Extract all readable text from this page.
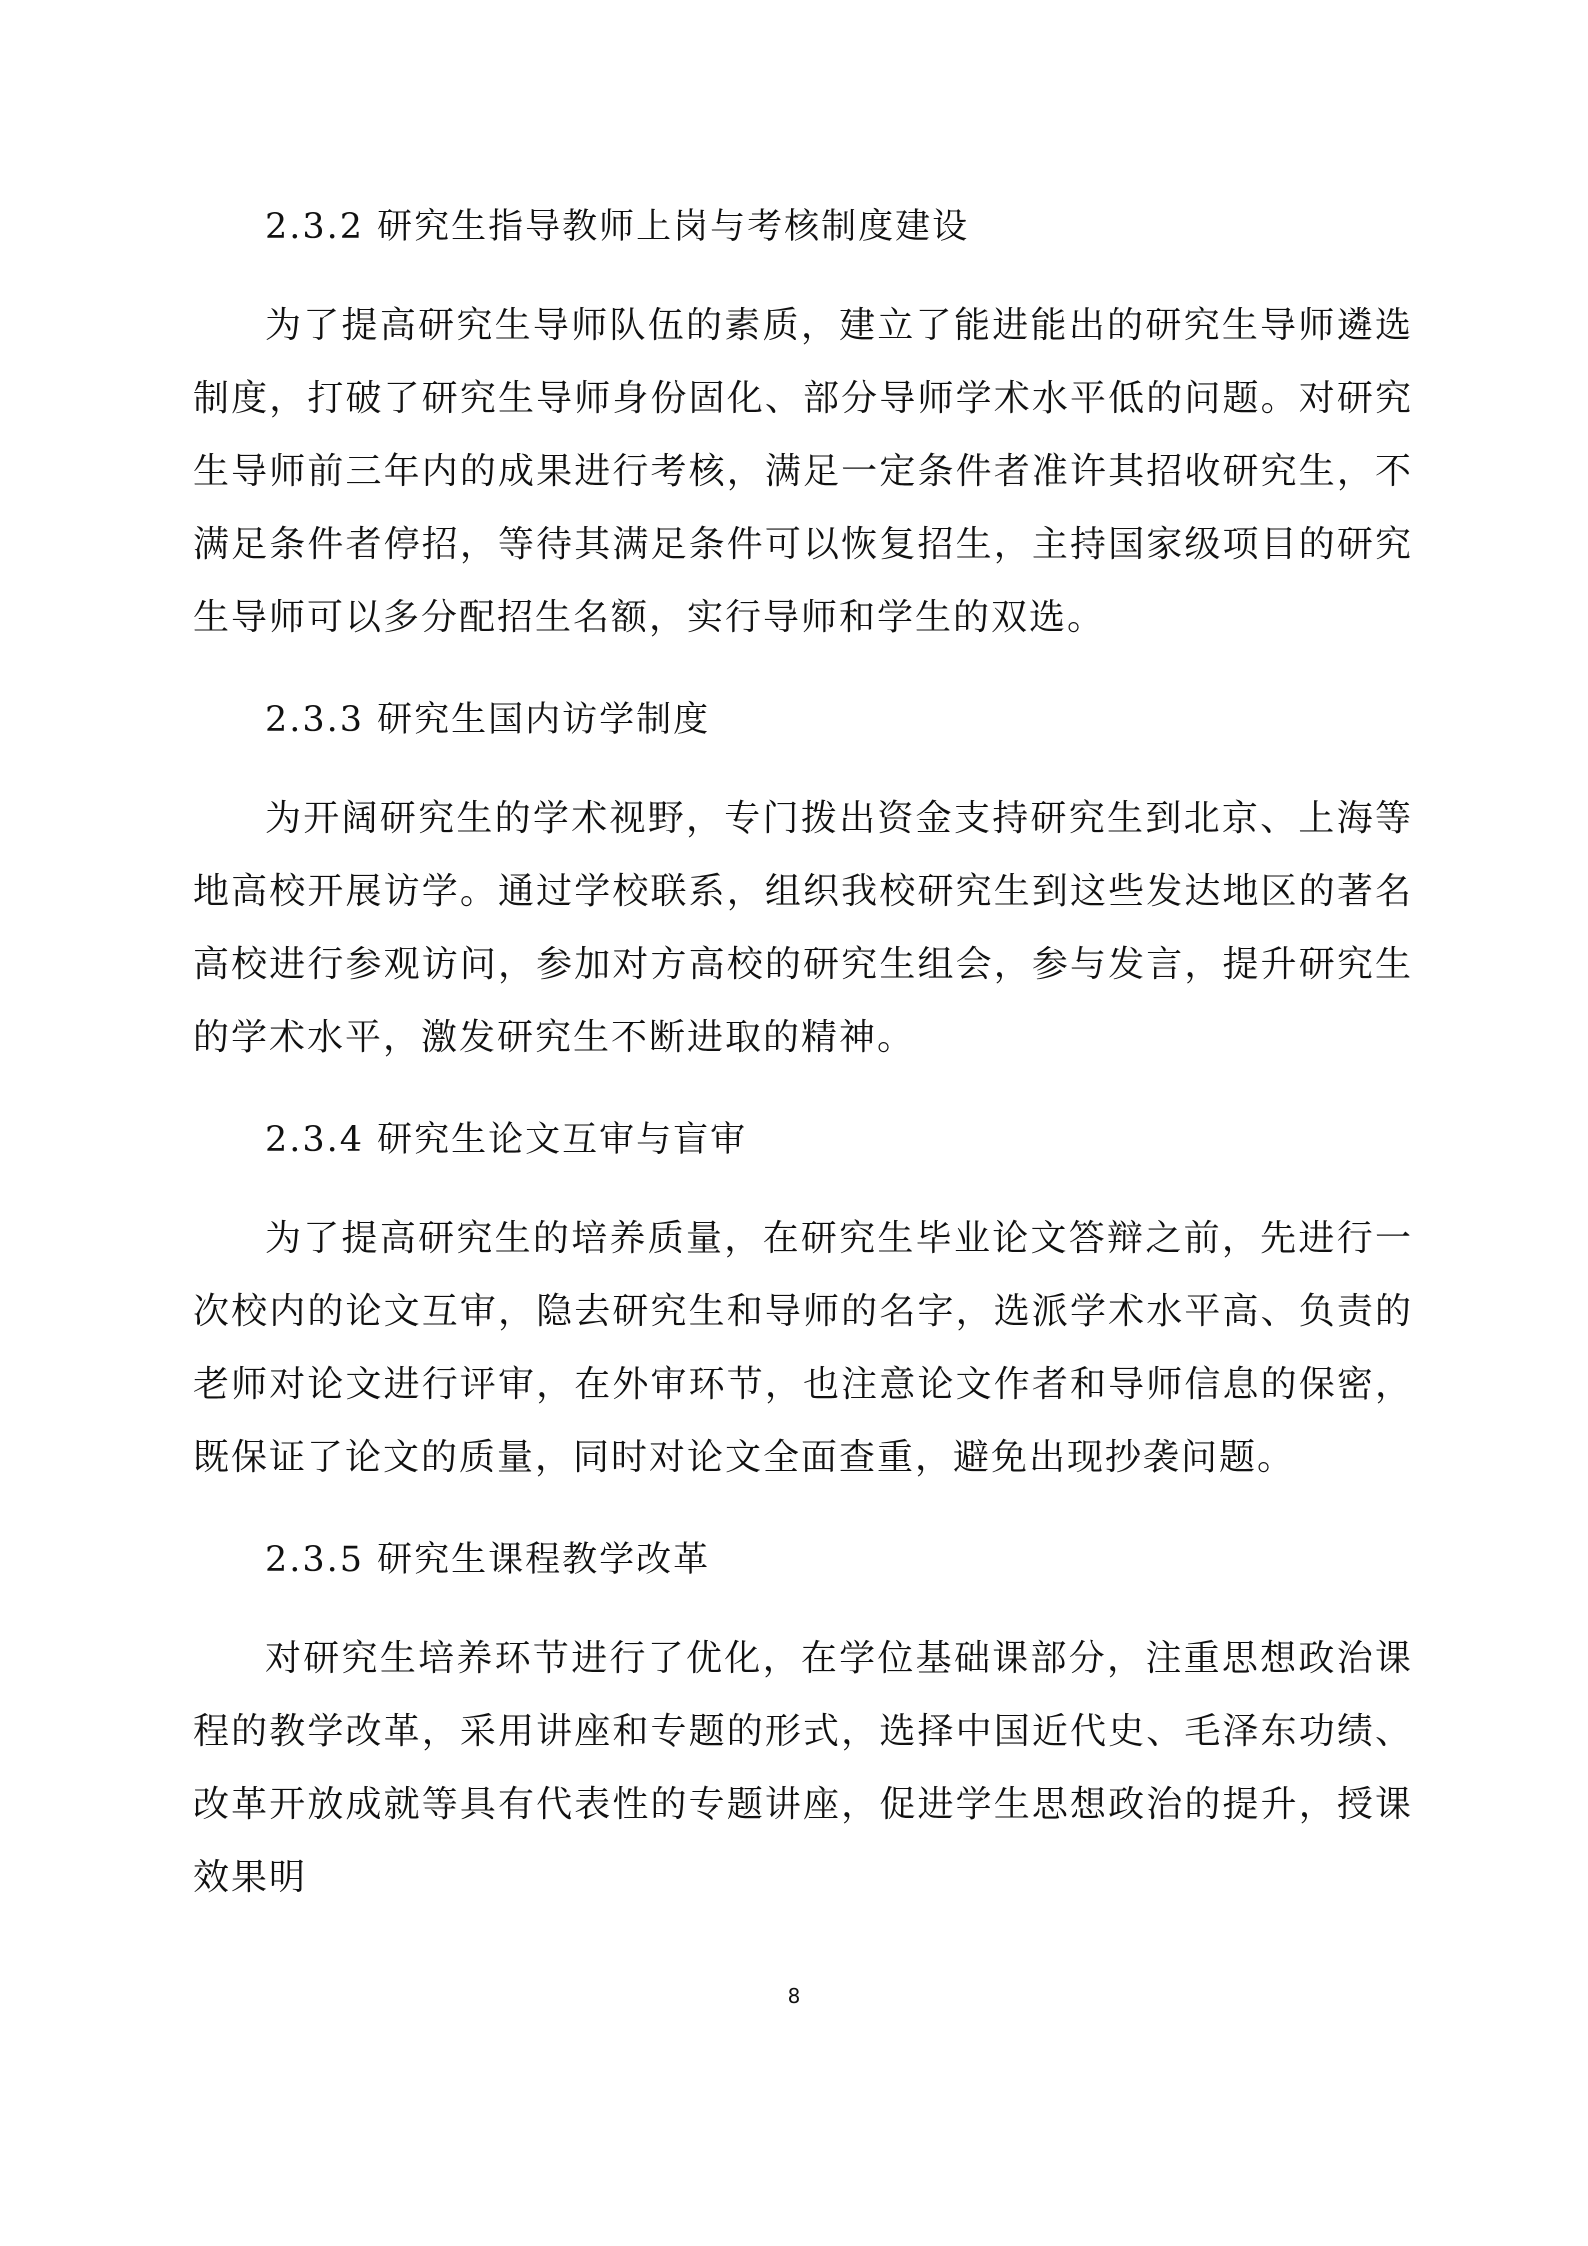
2.3.2 研究生指导教师上岗与考核制度建设

为了提高研究生导师队伍的素质，建立了能进能出的研究生导师遴选制度，打破了研究生导师身份固化、部分导师学术水平低的问题。对研究生导师前三年内的成果进行考核，满足一定条件者准许其招收研究生，不满足条件者停招，等待其满足条件可以恢复招生，主持国家级项目的研究生导师可以多分配招生名额，实行导师和学生的双选。

2.3.3 研究生国内访学制度

为开阔研究生的学术视野，专门拨出资金支持研究生到北京、上海等地高校开展访学。通过学校联系，组织我校研究生到这些发达地区的著名高校进行参观访问，参加对方高校的研究生组会，参与发言，提升研究生的学术水平，激发研究生不断进取的精神。

2.3.4 研究生论文互审与盲审

为了提高研究生的培养质量，在研究生毕业论文答辩之前，先进行一次校内的论文互审，隐去研究生和导师的名字，选派学术水平高、负责的老师对论文进行评审，在外审环节，也注意论文作者和导师信息的保密，既保证了论文的质量，同时对论文全面查重，避免出现抄袭问题。

2.3.5 研究生课程教学改革

对研究生培养环节进行了优化，在学位基础课部分，注重思想政治课程的教学改革，采用讲座和专题的形式，选择中国近代史、毛泽东功绩、改革开放成就等具有代表性的专题讲座，促进学生思想政治的提升，授课效果明

8
